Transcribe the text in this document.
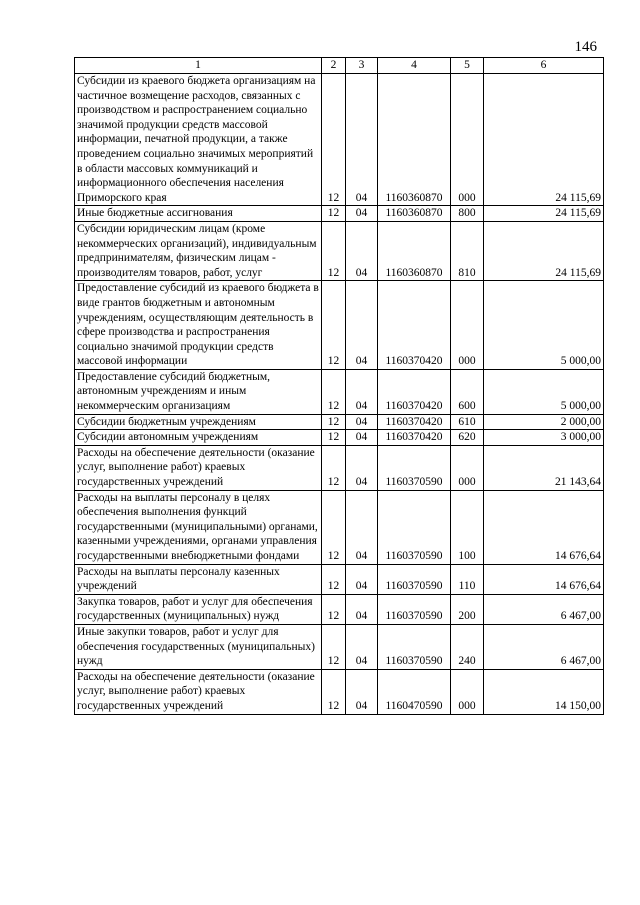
146
1	2	3	4	5	6
Субсидии из краевого бюджета организациям на частичное возмещение расходов, связанных с производством и распространением социально значимой продукции средств массовой информации, печатной продукции, а также проведением социально значимых мероприятий в области массовых коммуникаций и информационного обеспечения населения Приморского края	12	04	1160360870	000	24 115,69
Иные бюджетные ассигнования	12	04	1160360870	800	24 115,69
Субсидии юридическим лицам (кроме некоммерческих организаций), индивидуальным предпринимателям, физическим лицам - производителям товаров, работ, услуг	12	04	1160360870	810	24 115,69
Предоставление субсидий из краевого бюджета в виде грантов бюджетным и автономным учреждениям, осуществляющим деятельность в сфере производства и распространения социально значимой продукции средств массовой информации	12	04	1160370420	000	5 000,00
Предоставление субсидий бюджетным, автономным учреждениям и иным некоммерческим организациям	12	04	1160370420	600	5 000,00
Субсидии бюджетным учреждениям	12	04	1160370420	610	2 000,00
Субсидии автономным учреждениям	12	04	1160370420	620	3 000,00
Расходы на обеспечение деятельности (оказание услуг, выполнение работ) краевых государственных учреждений	12	04	1160370590	000	21 143,64
Расходы на выплаты персоналу в целях обеспечения выполнения функций государственными (муниципальными) органами, казенными учреждениями, органами управления государственными внебюджетными фондами	12	04	1160370590	100	14 676,64
Расходы на выплаты персоналу казенных учреждений	12	04	1160370590	110	14 676,64
Закупка товаров, работ и услуг для обеспечения государственных (муниципальных) нужд	12	04	1160370590	200	6 467,00
Иные закупки товаров, работ и услуг для обеспечения государственных (муниципальных) нужд	12	04	1160370590	240	6 467,00
Расходы на обеспечение деятельности (оказание услуг, выполнение работ) краевых государственных учреждений	12	04	1160470590	000	14 150,00
